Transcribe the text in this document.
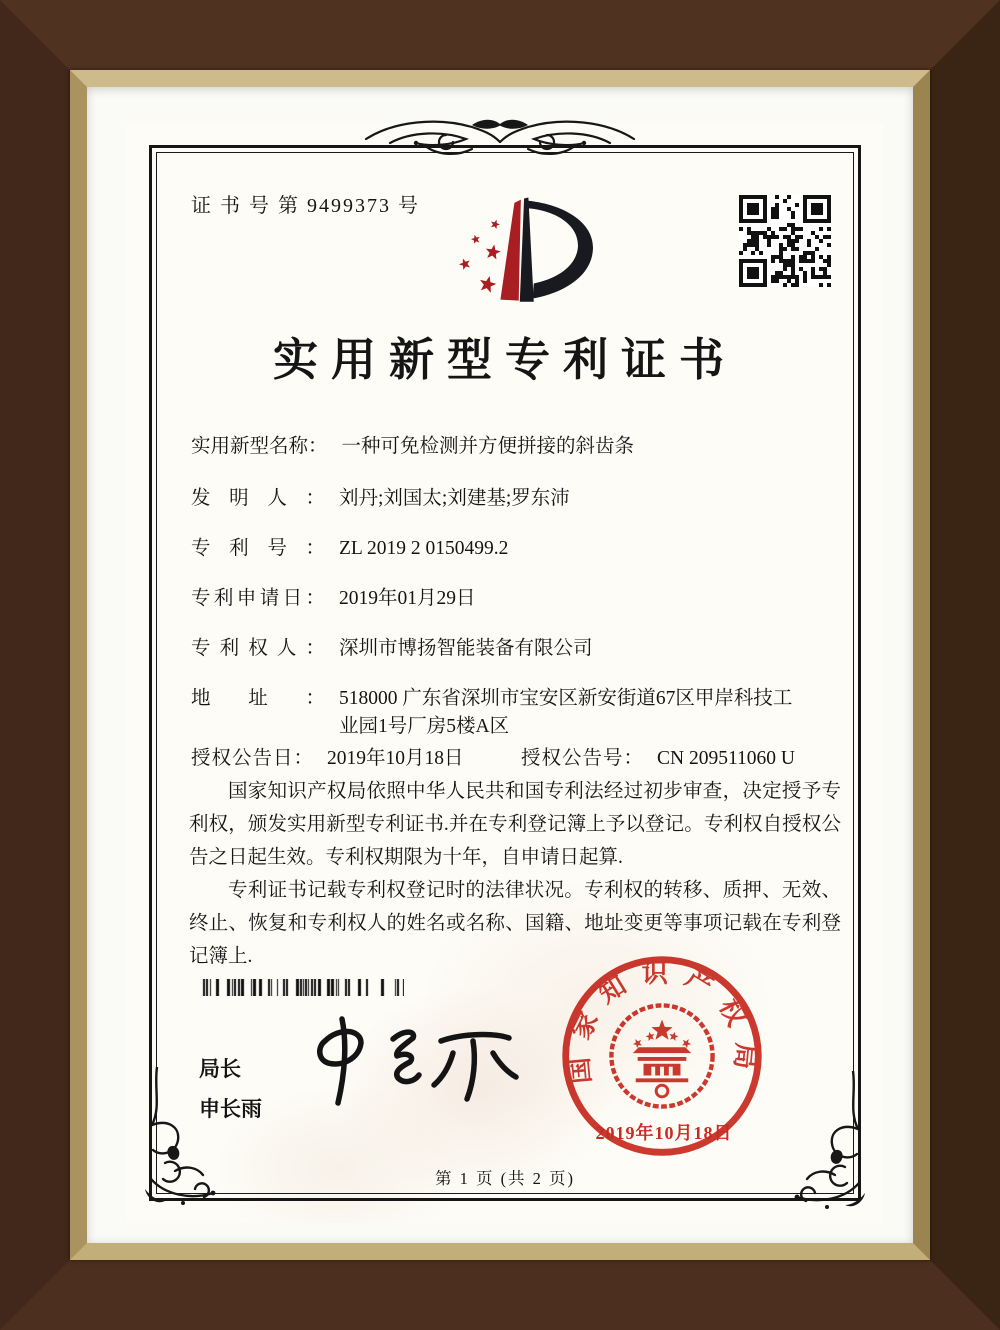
证 书 号 第 9499373 号
实用新型专利证书
实用新型名称： 一种可免检测并方便拼接的斜齿条
发明人： 刘丹;刘国太;刘建基;罗东沛
专利号： ZL 2019 2 0150499.2
专利申请日： 2019年01月29日
专利权人： 深圳市博扬智能装备有限公司
地址： 518000 广东省深圳市宝安区新安街道67区甲岸科技工业园1号厂房5楼A区
授权公告日： 2019年10月18日	授权公告号： CN 209511060 U

国家知识产权局依照中华人民共和国专利法经过初步审查，决定授予专利权，颁发实用新型专利证书.并在专利登记簿上予以登记。专利权自授权公告之日起生效。专利权期限为十年，自申请日起算.

专利证书记载专利权登记时的法律状况。专利权的转移、质押、无效、终止、恢复和专利权人的姓名或名称、国籍、地址变更等事项记载在专利登记簿上.

局长
申长雨
国家知识产权局
2019年10月18日
第 1 页 (共 2 页)
